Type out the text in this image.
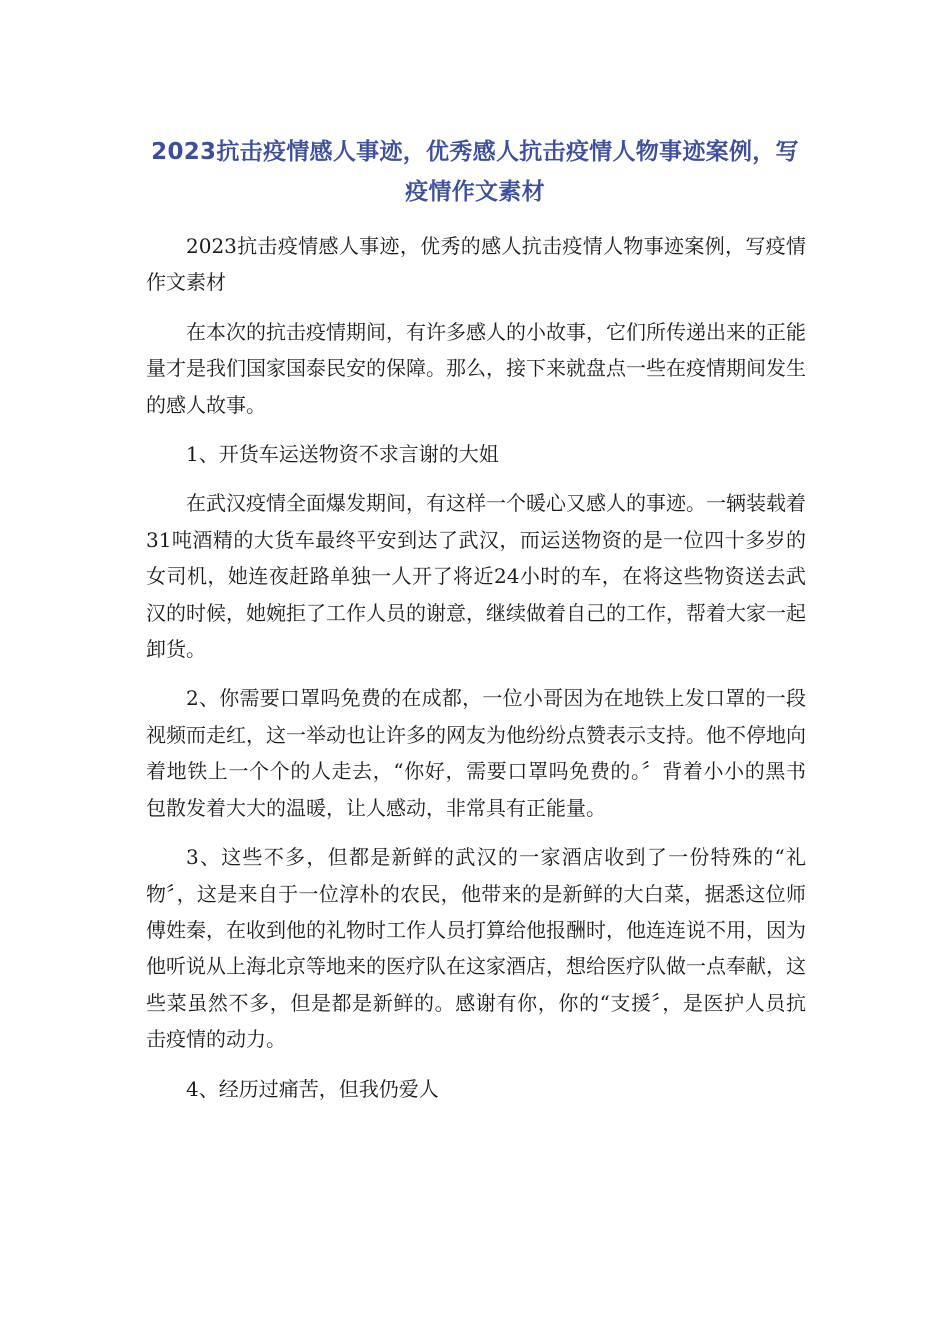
2023抗击疫情感人事迹，优秀感人抗击疫情人物事迹案例，写疫情作文素材

2023抗击疫情感人事迹，优秀的感人抗击疫情人物事迹案例，写疫情作文素材

在本次的抗击疫情期间，有许多感人的小故事，它们所传递出来的正能量才是我们国家国泰民安的保障。那么，接下来就盘点一些在疫情期间发生的感人故事。

1、开货车运送物资不求言谢的大姐

在武汉疫情全面爆发期间，有这样一个暖心又感人的事迹。一辆装载着31吨酒精的大货车最终平安到达了武汉，而运送物资的是一位四十多岁的女司机，她连夜赶路单独一人开了将近24小时的车，在将这些物资送去武汉的时候，她婉拒了工作人员的谢意，继续做着自己的工作，帮着大家一起卸货。

2、你需要口罩吗免费的在成都，一位小哥因为在地铁上发口罩的一段视频而走红，这一举动也让许多的网友为他纷纷点赞表示支持。他不停地向着地铁上一个个的人走去，“你好，需要口罩吗免费的。〞背着小小的黑书包散发着大大的温暖，让人感动，非常具有正能量。

3、这些不多，但都是新鲜的武汉的一家酒店收到了一份特殊的“礼物〞，这是来自于一位淳朴的农民，他带来的是新鲜的大白菜，据悉这位师傅姓秦，在收到他的礼物时工作人员打算给他报酬时，他连连说不用，因为他听说从上海北京等地来的医疗队在这家酒店，想给医疗队做一点奉献，这些菜虽然不多，但是都是新鲜的。感谢有你，你的“支援〞，是医护人员抗击疫情的动力。

4、经历过痛苦，但我仍爱人
